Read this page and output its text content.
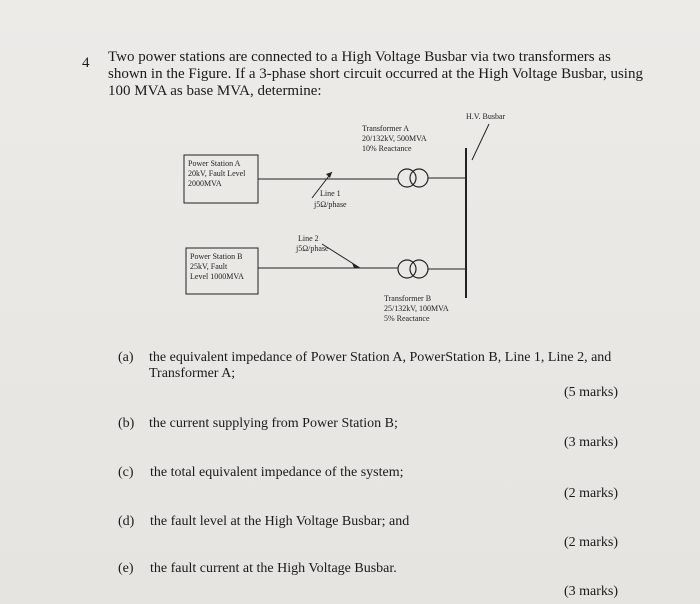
4 Two power stations are connected to a High Voltage Busbar via two transformers as shown in the Figure. If a 3-phase short circuit occurred at the High Voltage Busbar, using 100 MVA as base MVA, determine:
H.V. Busbar
Transformer A
20/132kV, 500MVA
10% Reactance
Transformer B
25/132kV, 100MVA
5% Reactance
Line 1
j5Ω/phase
Line 2
j5Ω/phase
Power Station A
20kV, Fault Level
2000MVA
Power Station B
25kV, Fault
Level 1000MVA
(a) the equivalent impedance of Power Station A, PowerStation B, Line 1, Line 2, and Transformer A;
(5 marks)
(b) the current supplying from Power Station B;
(3 marks)
(c) the total equivalent impedance of the system;
(2 marks)
(d) the fault level at the High Voltage Busbar; and
(2 marks)
(e) the fault current at the High Voltage Busbar.
(3 marks)
